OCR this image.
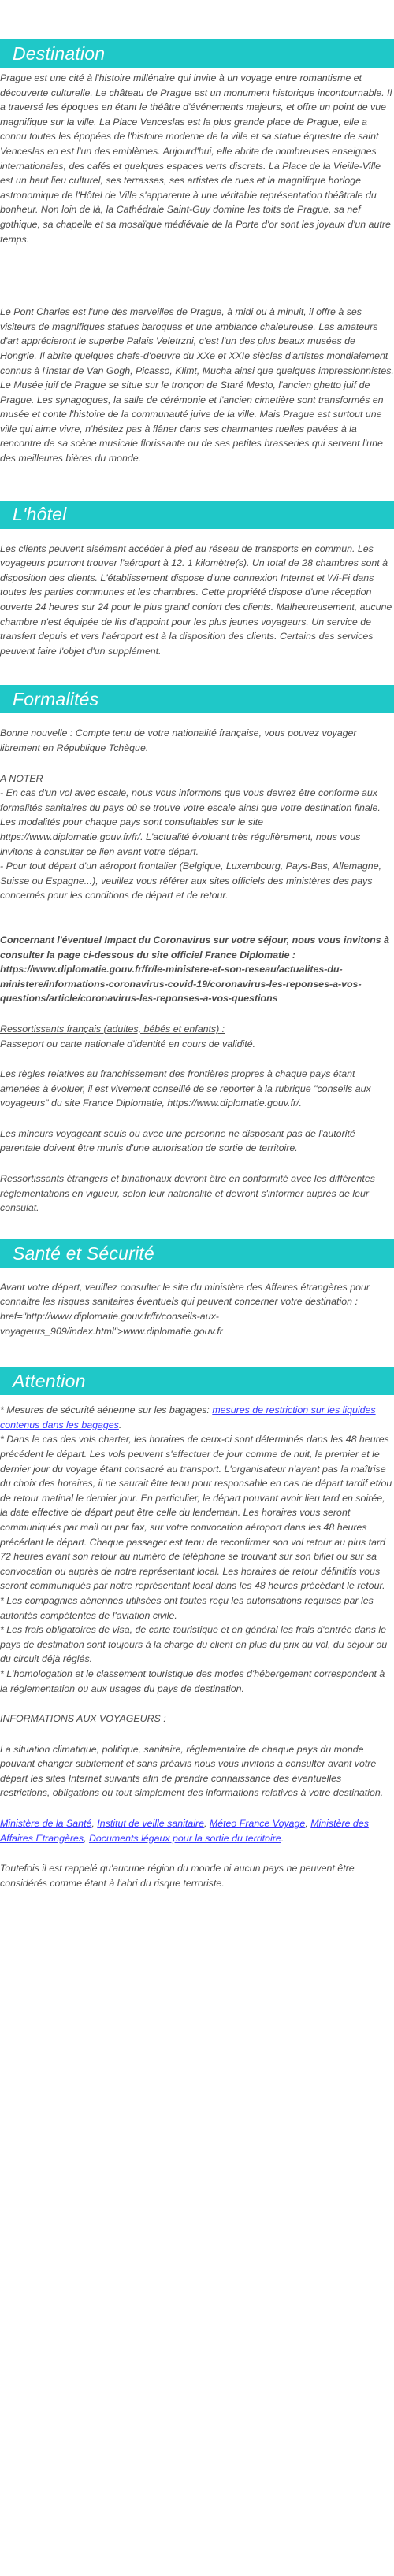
Destination

Prague est une cité à l'histoire millénaire qui invite à un voyage entre romantisme et découverte culturelle. Le château de Prague est un monument historique incontournable. Il a traversé les époques en étant le théâtre d'événements majeurs, et offre un point de vue magnifique sur la ville. La Place Venceslas est la plus grande place de Prague, elle a connu toutes les épopées de l'histoire moderne de la ville et sa statue équestre de saint Venceslas en est l'un des emblèmes. Aujourd'hui, elle abrite de nombreuses enseignes internationales, des cafés et quelques espaces verts discrets. La Place de la Vieille-Ville est un haut lieu culturel, ses terrasses, ses artistes de rues et la magnifique horloge astronomique de l'Hôtel de Ville s'apparente à une véritable représentation théâtrale du bonheur. Non loin de là, la Cathédrale Saint-Guy domine les toits de Prague, sa nef gothique, sa chapelle et sa mosaïque médiévale de la Porte d'or sont les joyaux d'un autre temps.

Le Pont Charles est l'une des merveilles de Prague, à midi ou à minuit, il offre à ses visiteurs de magnifiques statues baroques et une ambiance chaleureuse. Les amateurs d'art apprécieront le superbe Palais Veletrzni, c'est l'un des plus beaux musées de Hongrie. Il abrite quelques chefs-d'oeuvre du XXe et XXIe siècles d'artistes mondialement connus à l'instar de Van Gogh, Picasso, Klimt, Mucha ainsi que quelques impressionnistes. Le Musée juif de Prague se situe sur le tronçon de Staré Mesto, l'ancien ghetto juif de Prague. Les synagogues, la salle de cérémonie et l'ancien cimetière sont transformés en musée et conte l'histoire de la communauté juive de la ville. Mais Prague est surtout une ville qui aime vivre, n'hésitez pas à flâner dans ses charmantes ruelles pavées à la rencontre de sa scène musicale florissante ou de ses petites brasseries qui servent l'une des meilleures bières du monde.

L'hôtel

Les clients peuvent aisément accéder à pied au réseau de transports en commun. Les voyageurs pourront trouver l'aéroport à 12. 1 kilomètre(s). Un total de 28 chambres sont à disposition des clients. L'établissement dispose d'une connexion Internet et Wi-Fi dans toutes les parties communes et les chambres. Cette propriété dispose d'une réception ouverte 24 heures sur 24 pour le plus grand confort des clients. Malheureusement, aucune chambre n'est équipée de lits d'appoint pour les plus jeunes voyageurs. Un service de transfert depuis et vers l'aéroport est à la disposition des clients. Certains des services peuvent faire l'objet d'un supplément.

Formalités

Bonne nouvelle : Compte tenu de votre nationalité française, vous pouvez voyager librement en République Tchèque.

A NOTER

- En cas d'un vol avec escale, nous vous informons que vous devrez être conforme aux formalités sanitaires du pays où se trouve votre escale ainsi que votre destination finale.

Les modalités pour chaque pays sont consultables sur le site https://www.diplomatie.gouv.fr/fr/. L'actualité évoluant très régulièrement, nous vous invitons à consulter ce lien avant votre départ.

- Pour tout départ d'un aéroport frontalier (Belgique, Luxembourg, Pays-Bas, Allemagne, Suisse ou Espagne...), veuillez vous référer aux sites officiels des ministères des pays concernés pour les conditions de départ et de retour.

Concernant l'éventuel Impact du Coronavirus sur votre séjour, nous vous invitons à consulter la page ci-dessous du site officiel France Diplomatie : https://www.diplomatie.gouv.fr/fr/le-ministere-et-son-reseau/actualites-du-ministere/informations-coronavirus-covid-19/coronavirus-les-reponses-a-vos-questions/article/coronavirus-les-reponses-a-vos-questions

Ressortissants français (adultes, bébés et enfants) :

Passeport ou carte nationale d'identité en cours de validité.

Les règles relatives au franchissement des frontières propres à chaque pays étant amenées à évoluer, il est vivement conseillé de se reporter à la rubrique "conseils aux voyageurs" du site France Diplomatie, https://www.diplomatie.gouv.fr/.

Les mineurs voyageant seuls ou avec une personne ne disposant pas de l'autorité parentale doivent être munis d'une autorisation de sortie de territoire.

Ressortissants étrangers et binationaux devront être en conformité avec les différentes réglementations en vigueur, selon leur nationalité et devront s'informer auprès de leur consulat.

Santé et Sécurité

Avant votre départ, veuillez consulter le site du ministère des Affaires étrangères pour connaitre les risques sanitaires éventuels qui peuvent concerner votre destination : href="http://www.diplomatie.gouv.fr/fr/conseils-aux-voyageurs_909/index.html">www.diplomatie.gouv.fr

Attention

* Mesures de sécurité aérienne sur les bagages: mesures de restriction sur les liquides contenus dans les bagages.

* Dans le cas des vols charter, les horaires de ceux-ci sont déterminés dans les 48 heures précédent le départ. Les vols peuvent s'effectuer de jour comme de nuit, le premier et le dernier jour du voyage étant consacré au transport. L'organisateur n'ayant pas la maîtrise du choix des horaires, il ne saurait être tenu pour responsable en cas de départ tardif et/ou de retour matinal le dernier jour. En particulier, le départ pouvant avoir lieu tard en soirée, la date effective de départ peut être celle du lendemain. Les horaires vous seront communiqués par mail ou par fax, sur votre convocation aéroport dans les 48 heures précédant le départ. Chaque passager est tenu de reconfirmer son vol retour au plus tard 72 heures avant son retour au numéro de téléphone se trouvant sur son billet ou sur sa convocation ou auprès de notre représentant local. Les horaires de retour définitifs vous seront communiqués par notre représentant local dans les 48 heures précédant le retour.

* Les compagnies aériennes utilisées ont toutes reçu les autorisations requises par les autorités compétentes de l'aviation civile.

* Les frais obligatoires de visa, de carte touristique et en général les frais d'entrée dans le pays de destination sont toujours à la charge du client en plus du prix du vol, du séjour ou du circuit déjà réglés.

* L'homologation et le classement touristique des modes d'hébergement correspondent à la réglementation ou aux usages du pays de destination.

INFORMATIONS AUX VOYAGEURS :

La situation climatique, politique, sanitaire, réglementaire de chaque pays du monde pouvant changer subitement et sans préavis nous vous invitons à consulter avant votre départ les sites Internet suivants afin de prendre connaissance des éventuelles restrictions, obligations ou tout simplement des informations relatives à votre destination.

Ministère de la Santé, Institut de veille sanitaire, Méteo France Voyage, Ministère des Affaires Etrangères, Documents légaux pour la sortie du territoire.

Toutefois il est rappelé qu'aucune région du monde ni aucun pays ne peuvent être considérés comme étant à l'abri du risque terroriste.
